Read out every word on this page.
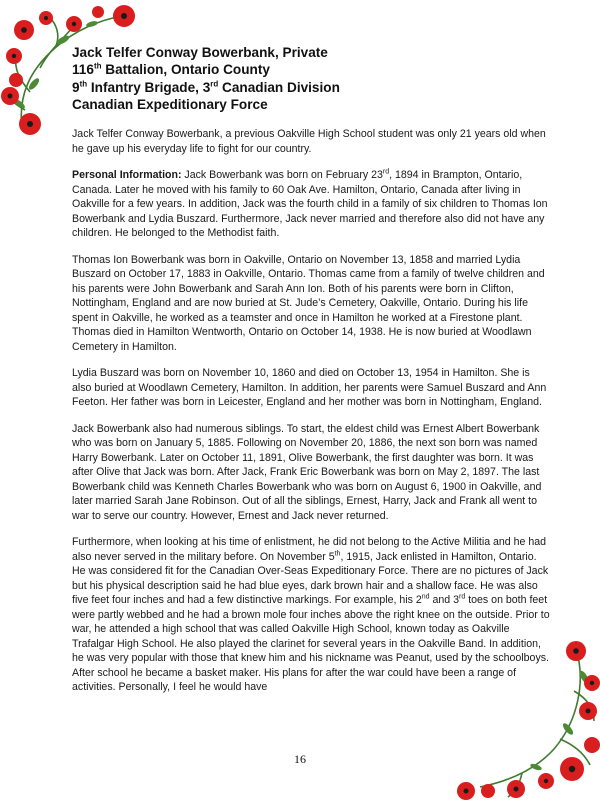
Jack Telfer Conway Bowerbank, Private
116th Battalion, Ontario County
9th Infantry Brigade, 3rd Canadian Division
Canadian Expeditionary Force

Jack Telfer Conway Bowerbank, a previous Oakville High School student was only 21 years old when he gave up his everyday life to fight for our country.

Personal Information: Jack Bowerbank was born on February 23rd, 1894 in Brampton, Ontario, Canada. Later he moved with his family to 60 Oak Ave. Hamilton, Ontario, Canada after living in Oakville for a few years. In addition, Jack was the fourth child in a family of six children to Thomas Ion Bowerbank and Lydia Buszard. Furthermore, Jack never married and therefore also did not have any children. He belonged to the Methodist faith.

Thomas Ion Bowerbank was born in Oakville, Ontario on November 13, 1858 and married Lydia Buszard on October 17, 1883 in Oakville, Ontario. Thomas came from a family of twelve children and his parents were John Bowerbank and Sarah Ann Ion. Both of his parents were born in Clifton, Nottingham, England and are now buried at St. Jude’s Cemetery, Oakville, Ontario. During his life spent in Oakville, he worked as a teamster and once in Hamilton he worked at a Firestone plant. Thomas died in Hamilton Wentworth, Ontario on October 14, 1938. He is now buried at Woodlawn Cemetery in Hamilton.

Lydia Buszard was born on November 10, 1860 and died on October 13, 1954 in Hamilton. She is also buried at Woodlawn Cemetery, Hamilton. In addition, her parents were Samuel Buszard and Ann Feeton. Her father was born in Leicester, England and her mother was born in Nottingham, England.

Jack Bowerbank also had numerous siblings. To start, the eldest child was Ernest Albert Bowerbank who was born on January 5, 1885. Following on November 20, 1886, the next son born was named Harry Bowerbank. Later on October 11, 1891, Olive Bowerbank, the first daughter was born. It was after Olive that Jack was born. After Jack, Frank Eric Bowerbank was born on May 2, 1897. The last Bowerbank child was Kenneth Charles Bowerbank who was born on August 6, 1900 in Oakville, and later married Sarah Jane Robinson. Out of all the siblings, Ernest, Harry, Jack and Frank all went to war to serve our country. However, Ernest and Jack never returned.

Furthermore, when looking at his time of enlistment, he did not belong to the Active Militia and he had also never served in the military before. On November 5th, 1915, Jack enlisted in Hamilton, Ontario. He was considered fit for the Canadian Over-Seas Expeditionary Force. There are no pictures of Jack but his physical description said he had blue eyes, dark brown hair and a shallow face. He was also five feet four inches and had a few distinctive markings. For example, his 2nd and 3rd toes on both feet were partly webbed and he had a brown mole four inches above the right knee on the outside. Prior to war, he attended a high school that was called Oakville High School, known today as Oakville Trafalgar High School. He also played the clarinet for several years in the Oakville Band. In addition, he was very popular with those that knew him and his nickname was Peanut, used by the schoolboys. After school he became a basket maker. His plans for after the war could have been a range of activities. Personally, I feel he would have

16
